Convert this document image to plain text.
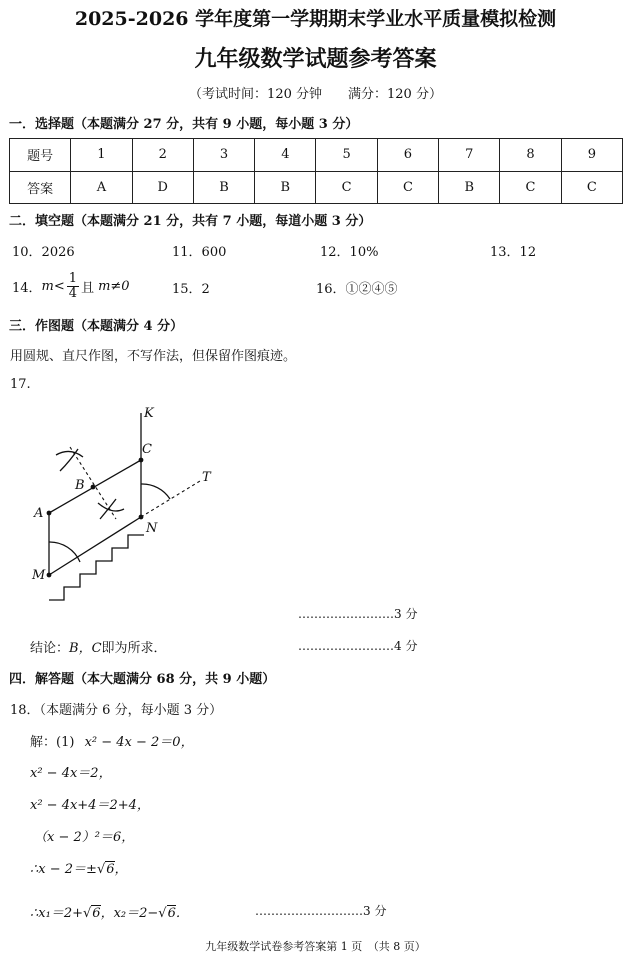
2025-2026 学年度第一学期期末学业水平质量模拟检测
九年级数学试题参考答案
（考试时间：120 分钟　　满分：120 分）
一．选择题（本题满分 27 分，共有 9 小题，每小题 3 分）
题号	1	2	3	4	5	6	7	8	9
答案	A	D	B	B	C	C	B	C	C
二．填空题（本题满分 21 分，共有 7 小题，每道小题 3 分）
10．2026	11．600	12．10%	13．12
14． $m < \frac{1}{4}$ 且 m≠0	15．2	16．①②④⑤
三．作图题（本题满分 4 分）
用圆规、直尺作图，不写作法，但保留作图痕迹。
17.
K
C
T
B
A
N
M
……………………3 分
结论：B，C即为所求．	……………………4 分
四．解答题（本大题满分 68 分，共 9 小题）
18．（本题满分 6 分，每小题 3 分）
解：(1) x² − 4x − 2＝0，
x² − 4x＝2，
x² − 4x+4＝2+4，
（x − 2）²＝6，
∴x − 2＝±√6，
∴x₁＝2+√6，x₂＝2−√6．	………………………3 分
九年级数学试卷参考答案第 1 页　（共 8 页）
